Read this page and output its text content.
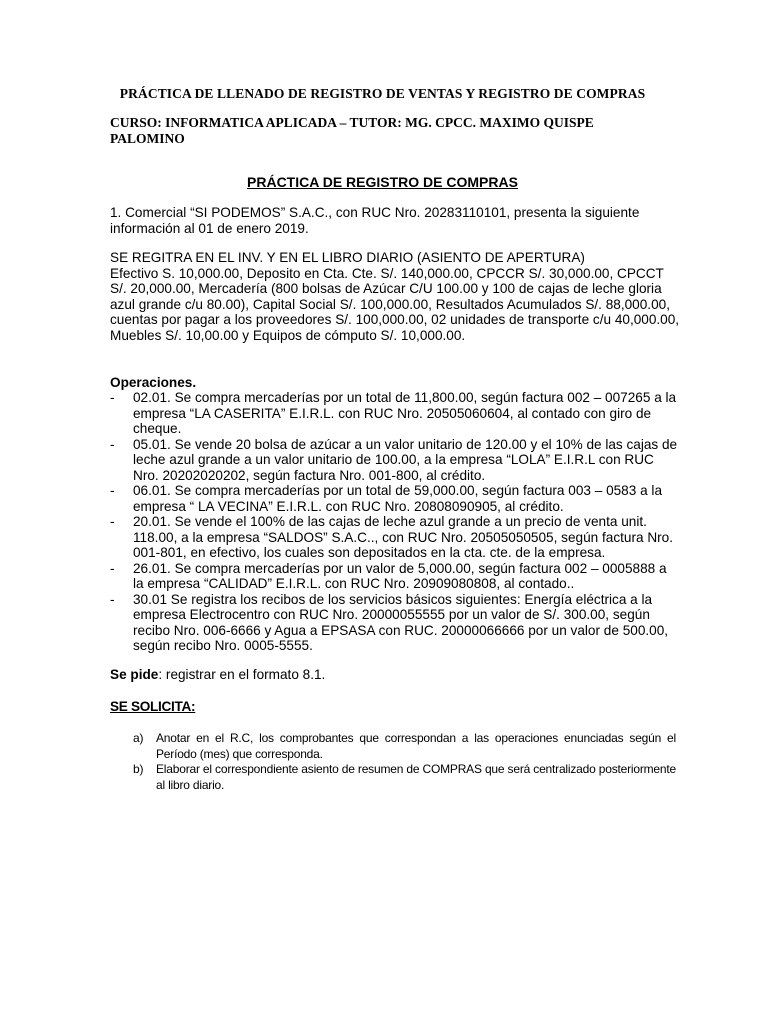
PRÁCTICA DE LLENADO DE REGISTRO DE VENTAS Y REGISTRO DE COMPRAS

CURSO: INFORMATICA APLICADA – TUTOR: MG. CPCC. MAXIMO QUISPE PALOMINO

PRÁCTICA DE REGISTRO DE COMPRAS

1. Comercial “SI PODEMOS” S.A.C., con RUC Nro. 20283110101, presenta la siguiente información al 01 de enero 2019.

SE REGITRA EN EL INV. Y EN EL LIBRO DIARIO (ASIENTO DE APERTURA)
Efectivo S. 10,000.00, Deposito en Cta. Cte. S/. 140,000.00, CPCCR S/. 30,000.00, CPCCT S/. 20,000.00, Mercadería (800 bolsas de Azúcar C/U 100.00 y 100 de cajas de leche gloria azul grande c/u 80.00), Capital Social S/. 100,000.00, Resultados Acumulados S/. 88,000.00, cuentas por pagar a los proveedores S/. 100,000.00, 02 unidades de transporte c/u 40,000.00, Muebles S/. 10,00.00 y Equipos de cómputo S/. 10,000.00.

Operaciones.

- 02.01. Se compra mercaderías por un total de 11,800.00, según factura 002 – 007265 a la empresa “LA CASERITA” E.I.R.L. con RUC Nro. 20505060604, al contado con giro de cheque.
- 05.01. Se vende 20 bolsa de azúcar a un valor unitario de 120.00 y el 10% de las cajas de leche azul grande a un valor unitario de 100.00, a la empresa “LOLA” E.I.R.L con RUC Nro. 20202020202, según factura Nro. 001-800, al crédito.
- 06.01. Se compra mercaderías por un total de 59,000.00, según factura 003 – 0583 a la empresa “ LA VECINA” E.I.R.L. con RUC Nro. 20808090905, al crédito.
- 20.01. Se vende el 100% de las cajas de leche azul grande a un precio de venta unit. 118.00, a la empresa “SALDOS” S.A.C.., con RUC Nro. 20505050505, según factura Nro. 001-801, en efectivo, los cuales son depositados en la cta. cte. de la empresa.
- 26.01. Se compra mercaderías por un valor de 5,000.00, según factura 002 – 0005888 a la empresa “CALIDAD” E.I.R.L. con RUC Nro. 20909080808, al contado..
- 30.01 Se registra los recibos de los servicios básicos siguientes: Energía eléctrica a la empresa Electrocentro con RUC Nro. 20000055555 por un valor de S/. 300.00, según recibo Nro. 006-6666 y Agua a EPSASA con RUC. 20000066666 por un valor de 500.00, según recibo Nro. 0005-5555.

Se pide: registrar en el formato 8.1.

SE SOLICITA:

a) Anotar en el R.C, los comprobantes que correspondan a las operaciones enunciadas según el Período (mes) que corresponda.
b) Elaborar el correspondiente asiento de resumen de COMPRAS que será centralizado posteriormente al libro diario.
